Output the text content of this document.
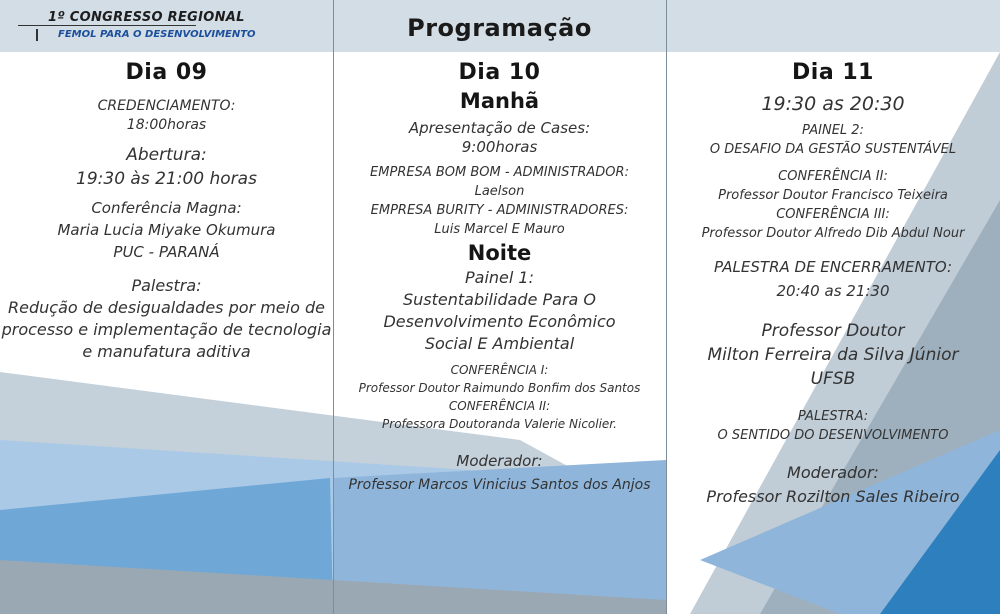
1º CONGRESSO REGIONAL
FEMOL PARA O DESENVOLVIMENTO	Programação
Dia 09
CREDENCIAMENTO:
18:00horas
Abertura:
19:30 às 21:00 horas
Conferência Magna:
Maria Lucia Miyake Okumura
PUC - PARANÁ
Palestra:
Redução de desigualdades por meio de
processo e implementação de tecnologia
e manufatura aditiva
Dia 10
Manhã
Apresentação de Cases:
9:00horas
EMPRESA BOM BOM - ADMINISTRADOR:
Laelson
EMPRESA BURITY - ADMINISTRADORES:
Luis Marcel E Mauro
Noite
Painel 1:
Sustentabilidade Para O
Desenvolvimento Econômico
Social E Ambiental
CONFERÊNCIA I:
Professor Doutor Raimundo Bonfim dos Santos
CONFERÊNCIA II:
Professora Doutoranda Valerie Nicolier.
Moderador:
Professor Marcos Vinicius Santos dos Anjos
Dia 11
19:30 as 20:30
PAINEL 2:
O DESAFIO DA GESTÃO SUSTENTÁVEL
CONFERÊNCIA II:
Professor Doutor Francisco Teixeira
CONFERÊNCIA III:
Professor Doutor Alfredo Dib Abdul Nour
PALESTRA DE ENCERRAMENTO:
20:40 as 21:30
Professor Doutor
Milton Ferreira da Silva Júnior
UFSB
PALESTRA:
O SENTIDO DO DESENVOLVIMENTO
Moderador:
Professor Rozilton Sales Ribeiro
